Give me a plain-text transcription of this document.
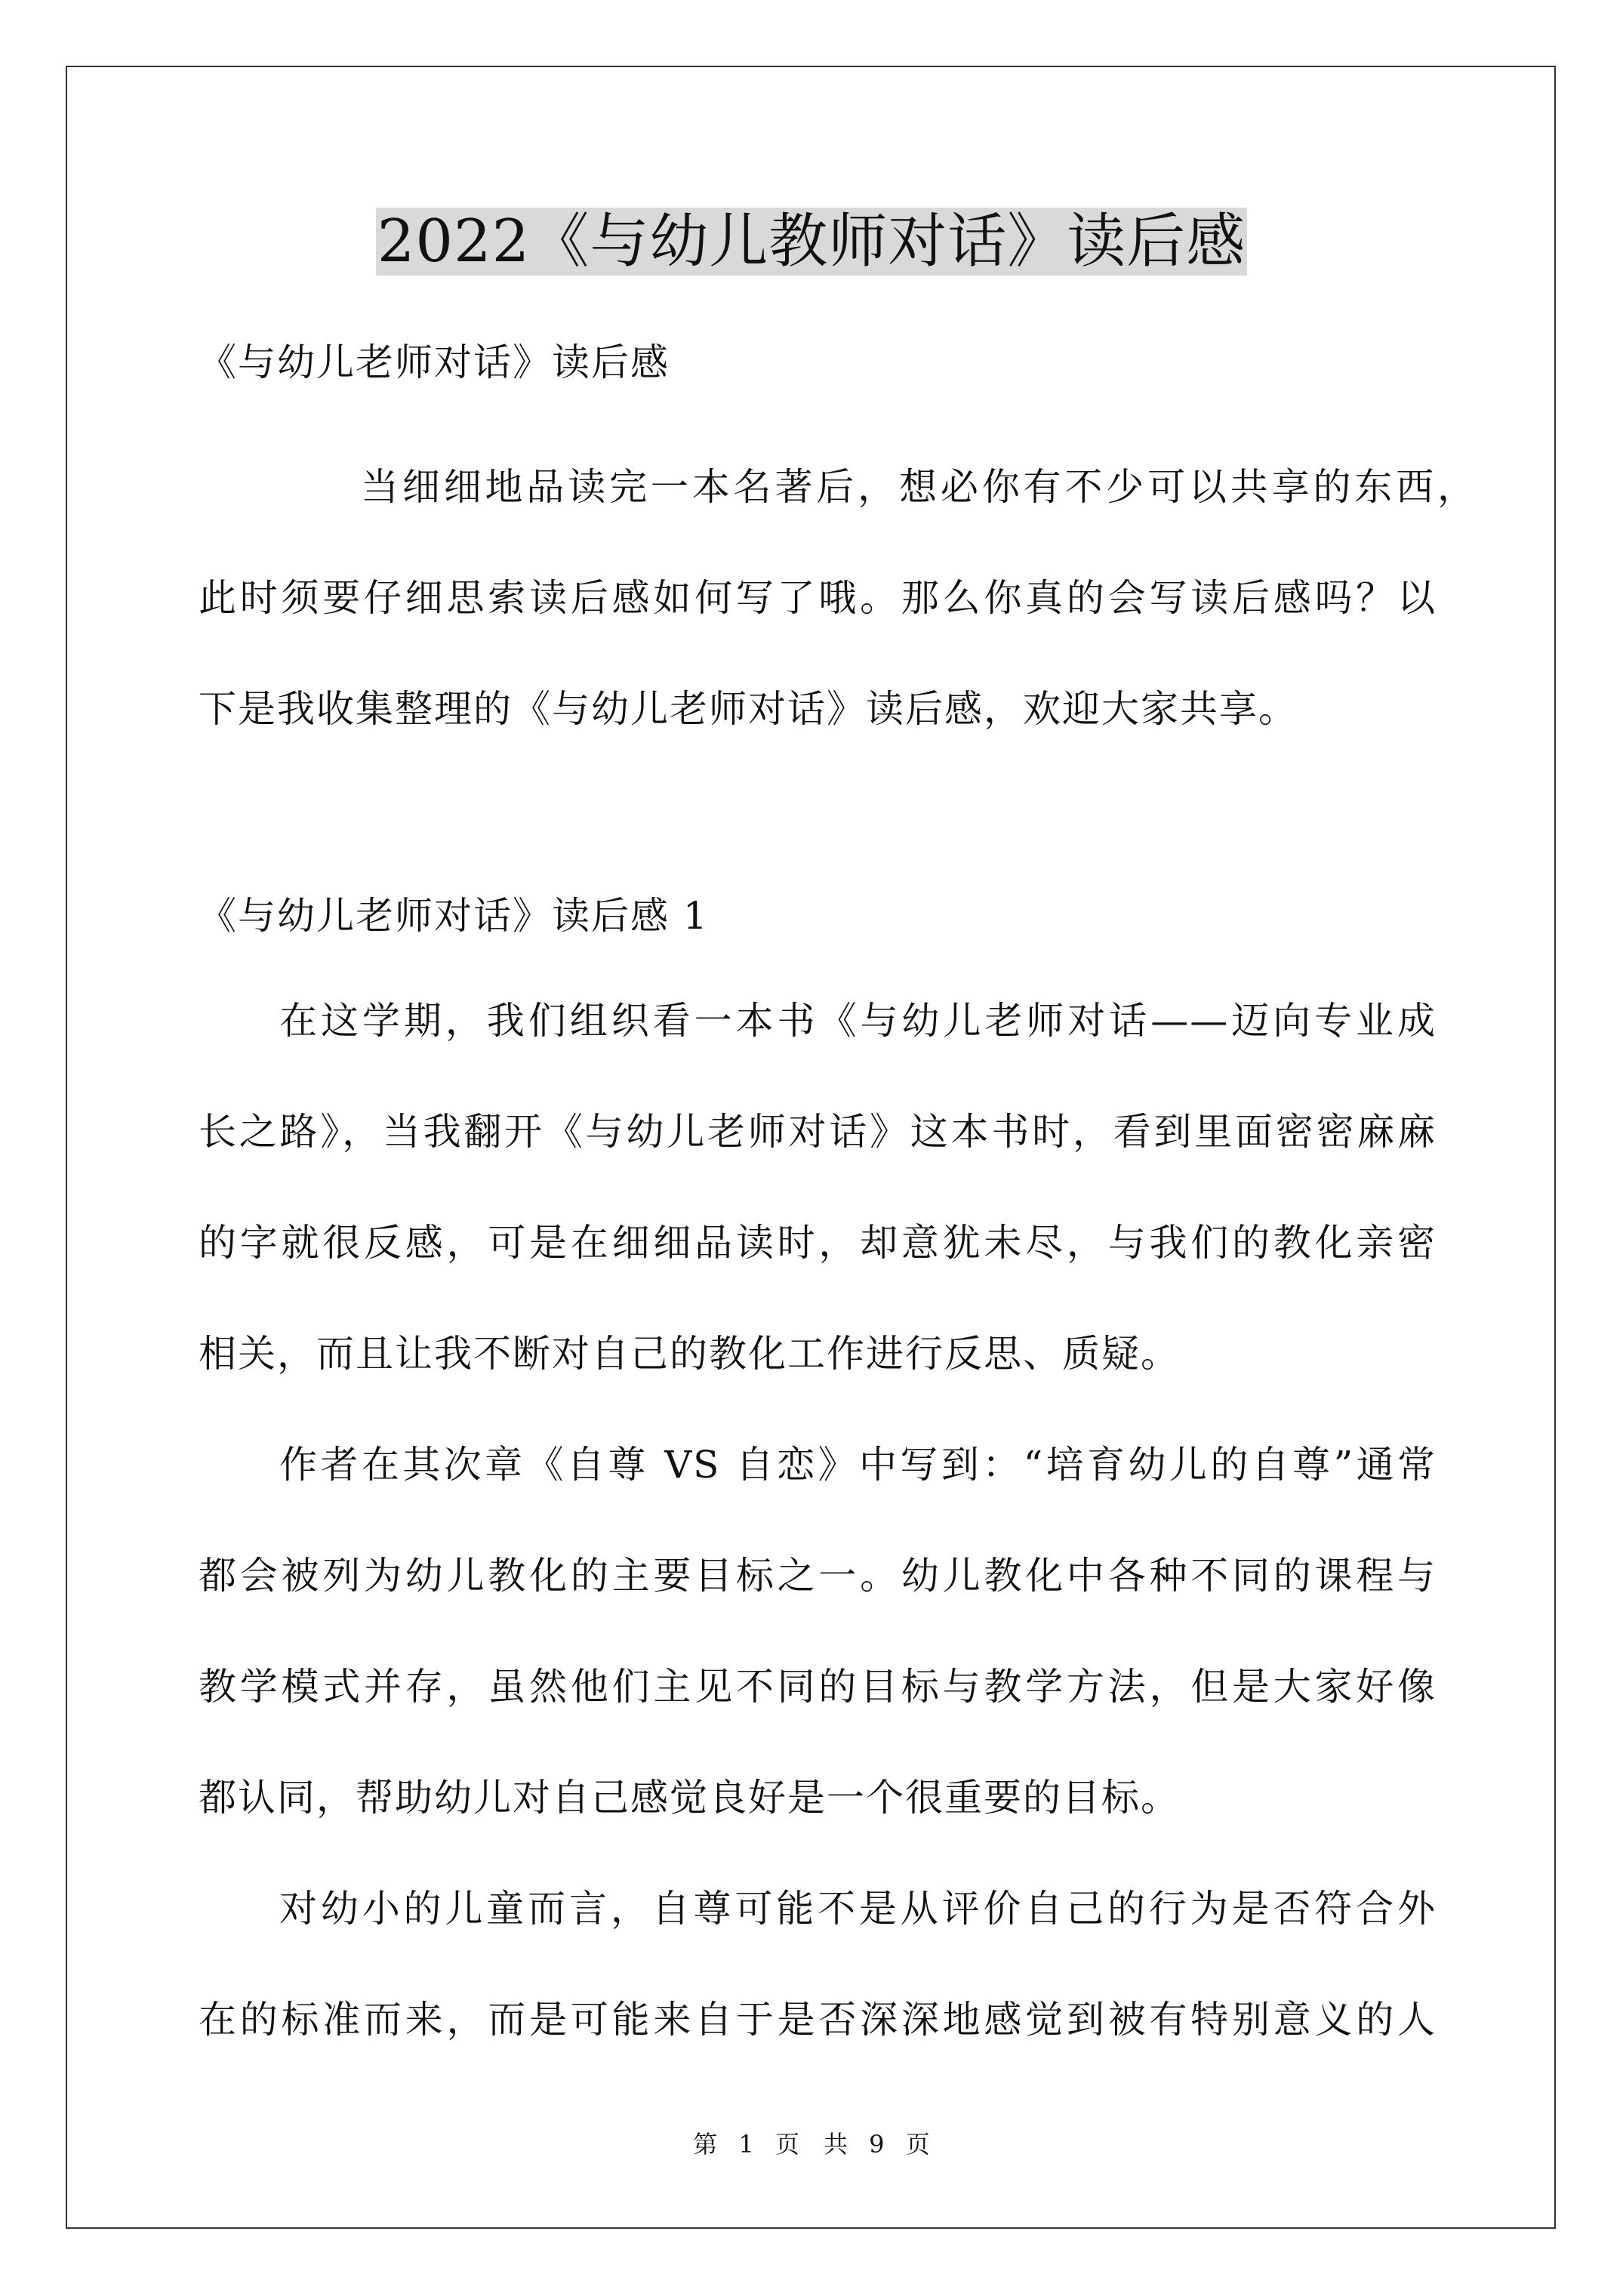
2022《与幼儿教师对话》读后感
《与幼儿老师对话》读后感
当细细地品读完一本名著后，想必你有不少可以共享的东西，
此时须要仔细思索读后感如何写了哦。那么你真的会写读后感吗？以
下是我收集整理的《与幼儿老师对话》读后感，欢迎大家共享。
《与幼儿老师对话》读后感 1
在这学期，我们组织看一本书《与幼儿老师对话——迈向专业成
长之路》，当我翻开《与幼儿老师对话》这本书时，看到里面密密麻麻
的字就很反感，可是在细细品读时，却意犹未尽，与我们的教化亲密
相关，而且让我不断对自己的教化工作进行反思、质疑。
作者在其次章《自尊 VS 自恋》中写到：“培育幼儿的自尊”通常
都会被列为幼儿教化的主要目标之一。幼儿教化中各种不同的课程与
教学模式并存，虽然他们主见不同的目标与教学方法，但是大家好像
都认同，帮助幼儿对自己感觉良好是一个很重要的目标。
对幼小的儿童而言，自尊可能不是从评价自己的行为是否符合外
在的标准而来，而是可能来自于是否深深地感觉到被有特别意义的人
第 1 页　共 9 页
